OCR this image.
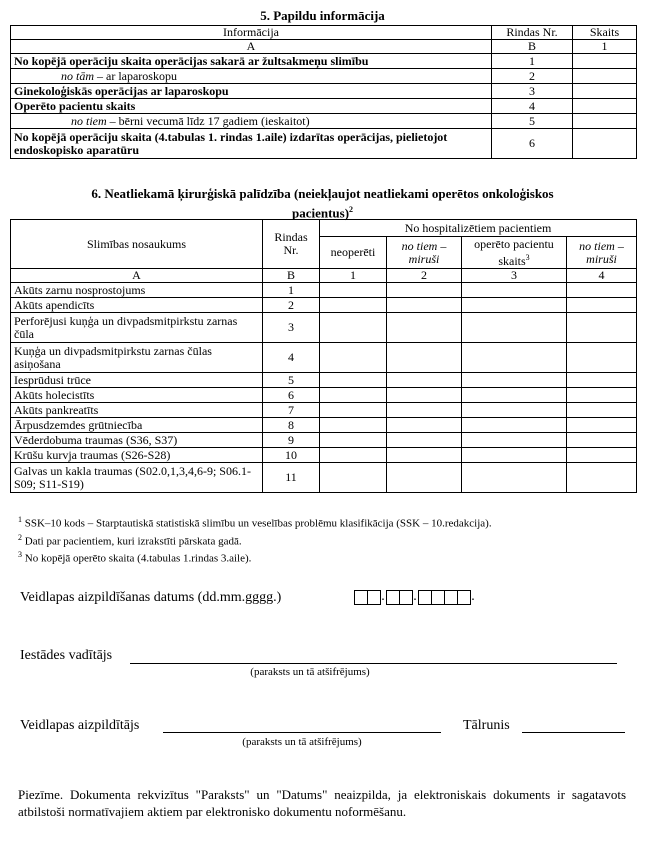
5. Papildu informācija
Informācija	Rindas Nr.	Skaits
A	B	1
No kopējā operāciju skaita operācijas sakarā ar žultsakmeņu slimību	1	
no tām – ar laparoskopu	2	
Ginekoloģiskās operācijas ar laparoskopu	3	
Operēto pacientu skaits	4	
no tiem – bērni vecumā līdz 17 gadiem (ieskaitot)	5	
No kopējā operāciju skaita (4.tabulas 1. rindas 1.aile) izdarītas operācijas, pielietojot endoskopisko aparatūru	6	
6. Neatliekamā ķirurģiskā palīdzība (neiekļaujot neatliekami operētos onkoloģiskos
pacientus)$^2$
Slimības nosaukums	Rindas Nr.	No hospitalizētiem pacientiem			
		neoperēti	no tiem – miruši	operēto pacientu skaits$^3$	no tiem – miruši
A	B	1	2	3	4
Akūts zarnu nosprostojums	1				
Akūts apendicīts	2				
Perforējusi kuņģa un divpadsmitpirkstu zarnas čūla	3				
Kuņģa un divpadsmitpirkstu zarnas čūlas asiņošana	4				
Iesprūdusi trūce	5				
Akūts holecistīts	6				
Akūts pankreatīts	7				
Ārpusdzemdes grūtniecība	8				
Vēderdobuma traumas (S36, S37)	9				
Krūšu kurvja traumas (S26-S28)	10				
Galvas un kakla traumas (S02.0,1,3,4,6-9; S06.1-S09; S11-S19)	11				
$^1$ SSK–10 kods – Starptautiskā statistiskā slimību un veselības problēmu klasifikācija (SSK – 10.redakcija).
$^2$ Dati par pacientiem, kuri izrakstīti pārskata gadā.
$^3$ No kopējā operēto skaita (4.tabulas 1.rindas 3.aile).
Veidlapas aizpildīšanas datums (dd.mm.gggg.)	. .	.
Iestādes vadītājs
(paraksts un tā atšifrējums)
Veidlapas aizpildītājs
(paraksts un tā atšifrējums)
Tālrunis
Piezīme. Dokumenta rekvizītus "Paraksts" un "Datums" neaizpilda, ja elektroniskais dokuments ir sagatavots atbilstoši normatīvajiem aktiem par elektronisko dokumentu noformēšanu.
